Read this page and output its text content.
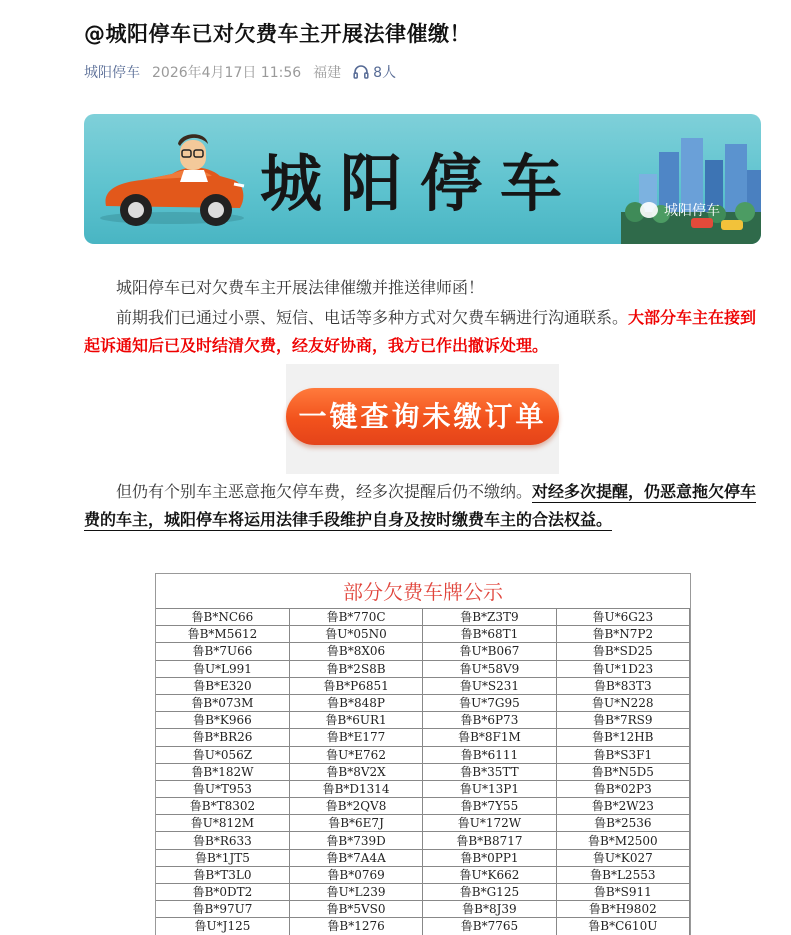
@城阳停车已对欠费车主开展法律催缴！
城阳停车 2026年4月17日 11:56 福建 8人
城阳停车	城阳停车
城阳停车已对欠费车主开展法律催缴并推送律师函！
前期我们已通过小票、短信、电话等多种方式对欠费车辆进行沟通联系。大部分车主在接到起诉通知后已及时结清欠费，经友好协商，我方已作出撤诉处理。
一键查询未缴订单
但仍有个别车主恶意拖欠停车费，经多次提醒后仍不缴纳。对经多次提醒，仍恶意拖欠停车费的车主，城阳停车将运用法律手段维护自身及按时缴费车主的合法权益。
部分欠费车牌公示
鲁B*NC66	鲁B*770C	鲁B*Z3T9	鲁U*6G23
鲁B*M5612	鲁U*05N0	鲁B*68T1	鲁B*N7P2
鲁B*7U66	鲁B*8X06	鲁U*B067	鲁B*SD25
鲁U*L991	鲁B*2S8B	鲁U*58V9	鲁U*1D23
鲁B*E320	鲁B*P6851	鲁U*S231	鲁B*83T3
鲁B*073M	鲁B*848P	鲁U*7G95	鲁U*N228
鲁B*K966	鲁B*6UR1	鲁B*6P73	鲁B*7RS9
鲁B*BR26	鲁B*E177	鲁B*8F1M	鲁B*12HB
鲁U*056Z	鲁U*E762	鲁B*6111	鲁B*S3F1
鲁B*182W	鲁B*8V2X	鲁B*35TT	鲁B*N5D5
鲁U*T953	鲁B*D1314	鲁U*13P1	鲁B*02P3
鲁B*T8302	鲁B*2QV8	鲁B*7Y55	鲁B*2W23
鲁U*812M	鲁B*6E7J	鲁U*172W	鲁B*2536
鲁B*R633	鲁B*739D	鲁B*B8717	鲁B*M2500
鲁B*1JT5	鲁B*7A4A	鲁B*0PP1	鲁U*K027
鲁B*T3L0	鲁B*0769	鲁U*K662	鲁B*L2553
鲁B*0DT2	鲁U*L239	鲁B*G125	鲁B*S911
鲁B*97U7	鲁B*5VS0	鲁B*8J39	鲁B*H9802
鲁U*J125	鲁B*1276	鲁B*7765	鲁B*C610U
